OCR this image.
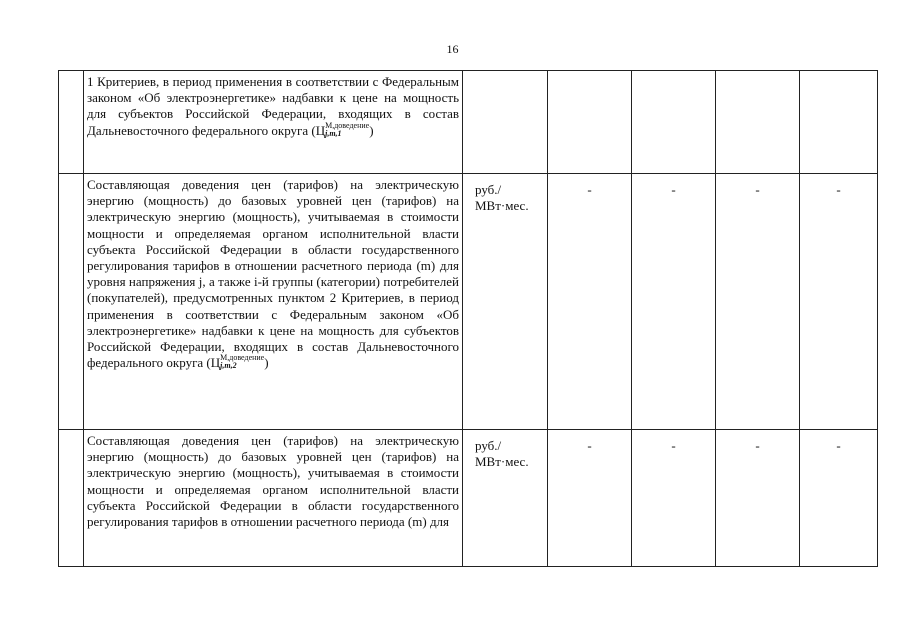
16

	1 Критериев, в период применения в соответствии с Федеральным законом «Об электроэнергетике» надбавки к цене на мощность для субъектов Российской Федерации, входящих в состав Дальневосточного федерального округа (Ц М,доведение
j,m,1 )					

	Составляющая доведения цен (тарифов) на электрическую энергию (мощность) до базовых уровней цен (тарифов) на электрическую энергию (мощность), учитываемая в стоимости мощности и определяемая органом исполнительной власти субъекта Российской Федерации в области государственного регулирования тарифов в отношении расчетного периода (m) для уровня напряжения j, а также i-й группы (категории) потребителей (покупателей), предусмотренных пунктом 2 Критериев, в период применения в соответствии с Федеральным законом «Об электроэнергетике» надбавки к цене на мощность для субъектов Российской Федерации, входящих в состав Дальневосточного федерального округа (Ц М,доведение
j,m,2 )	руб./ МВт·мес.	-	-	-	-

	Составляющая доведения цен (тарифов) на электрическую энергию (мощность) до базовых уровней цен (тарифов) на электрическую энергию (мощность), учитываемая в стоимости мощности и определяемая органом исполнительной власти субъекта Российской Федерации в области государственного регулирования тарифов в отношении расчетного периода (m) для	руб./ МВт·мес.	-	-	-	-
